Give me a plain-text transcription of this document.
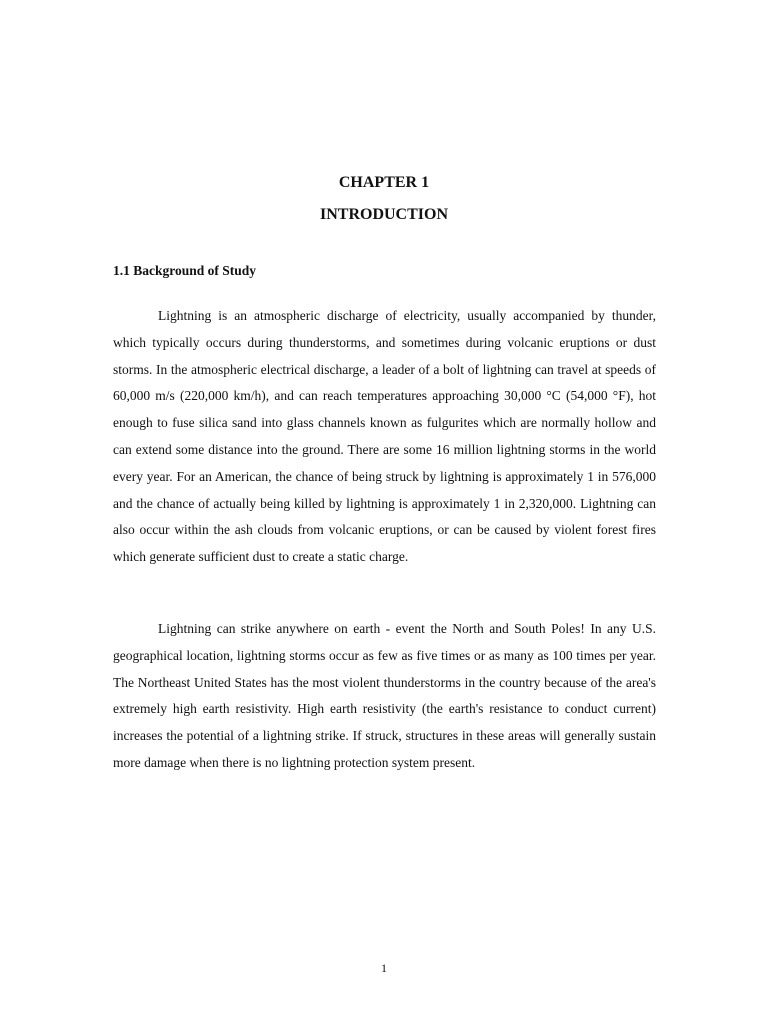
CHAPTER 1
INTRODUCTION
1.1 Background of Study

Lightning is an atmospheric discharge of electricity, usually accompanied by thunder, which typically occurs during thunderstorms, and sometimes during volcanic eruptions or dust storms. In the atmospheric electrical discharge, a leader of a bolt of lightning can travel at speeds of 60,000 m/s (220,000 km/h), and can reach temperatures approaching 30,000 °C (54,000 °F), hot enough to fuse silica sand into glass channels known as fulgurites which are normally hollow and can extend some distance into the ground. There are some 16 million lightning storms in the world every year. For an American, the chance of being struck by lightning is approximately 1 in 576,000 and the chance of actually being killed by lightning is approximately 1 in 2,320,000. Lightning can also occur within the ash clouds from volcanic eruptions, or can be caused by violent forest fires which generate sufficient dust to create a static charge.

Lightning can strike anywhere on earth - event the North and South Poles! In any U.S. geographical location, lightning storms occur as few as five times or as many as 100 times per year. The Northeast United States has the most violent thunderstorms in the country because of the area's extremely high earth resistivity. High earth resistivity (the earth's resistance to conduct current) increases the potential of a lightning strike. If struck, structures in these areas will generally sustain more damage when there is no lightning protection system present.

1
